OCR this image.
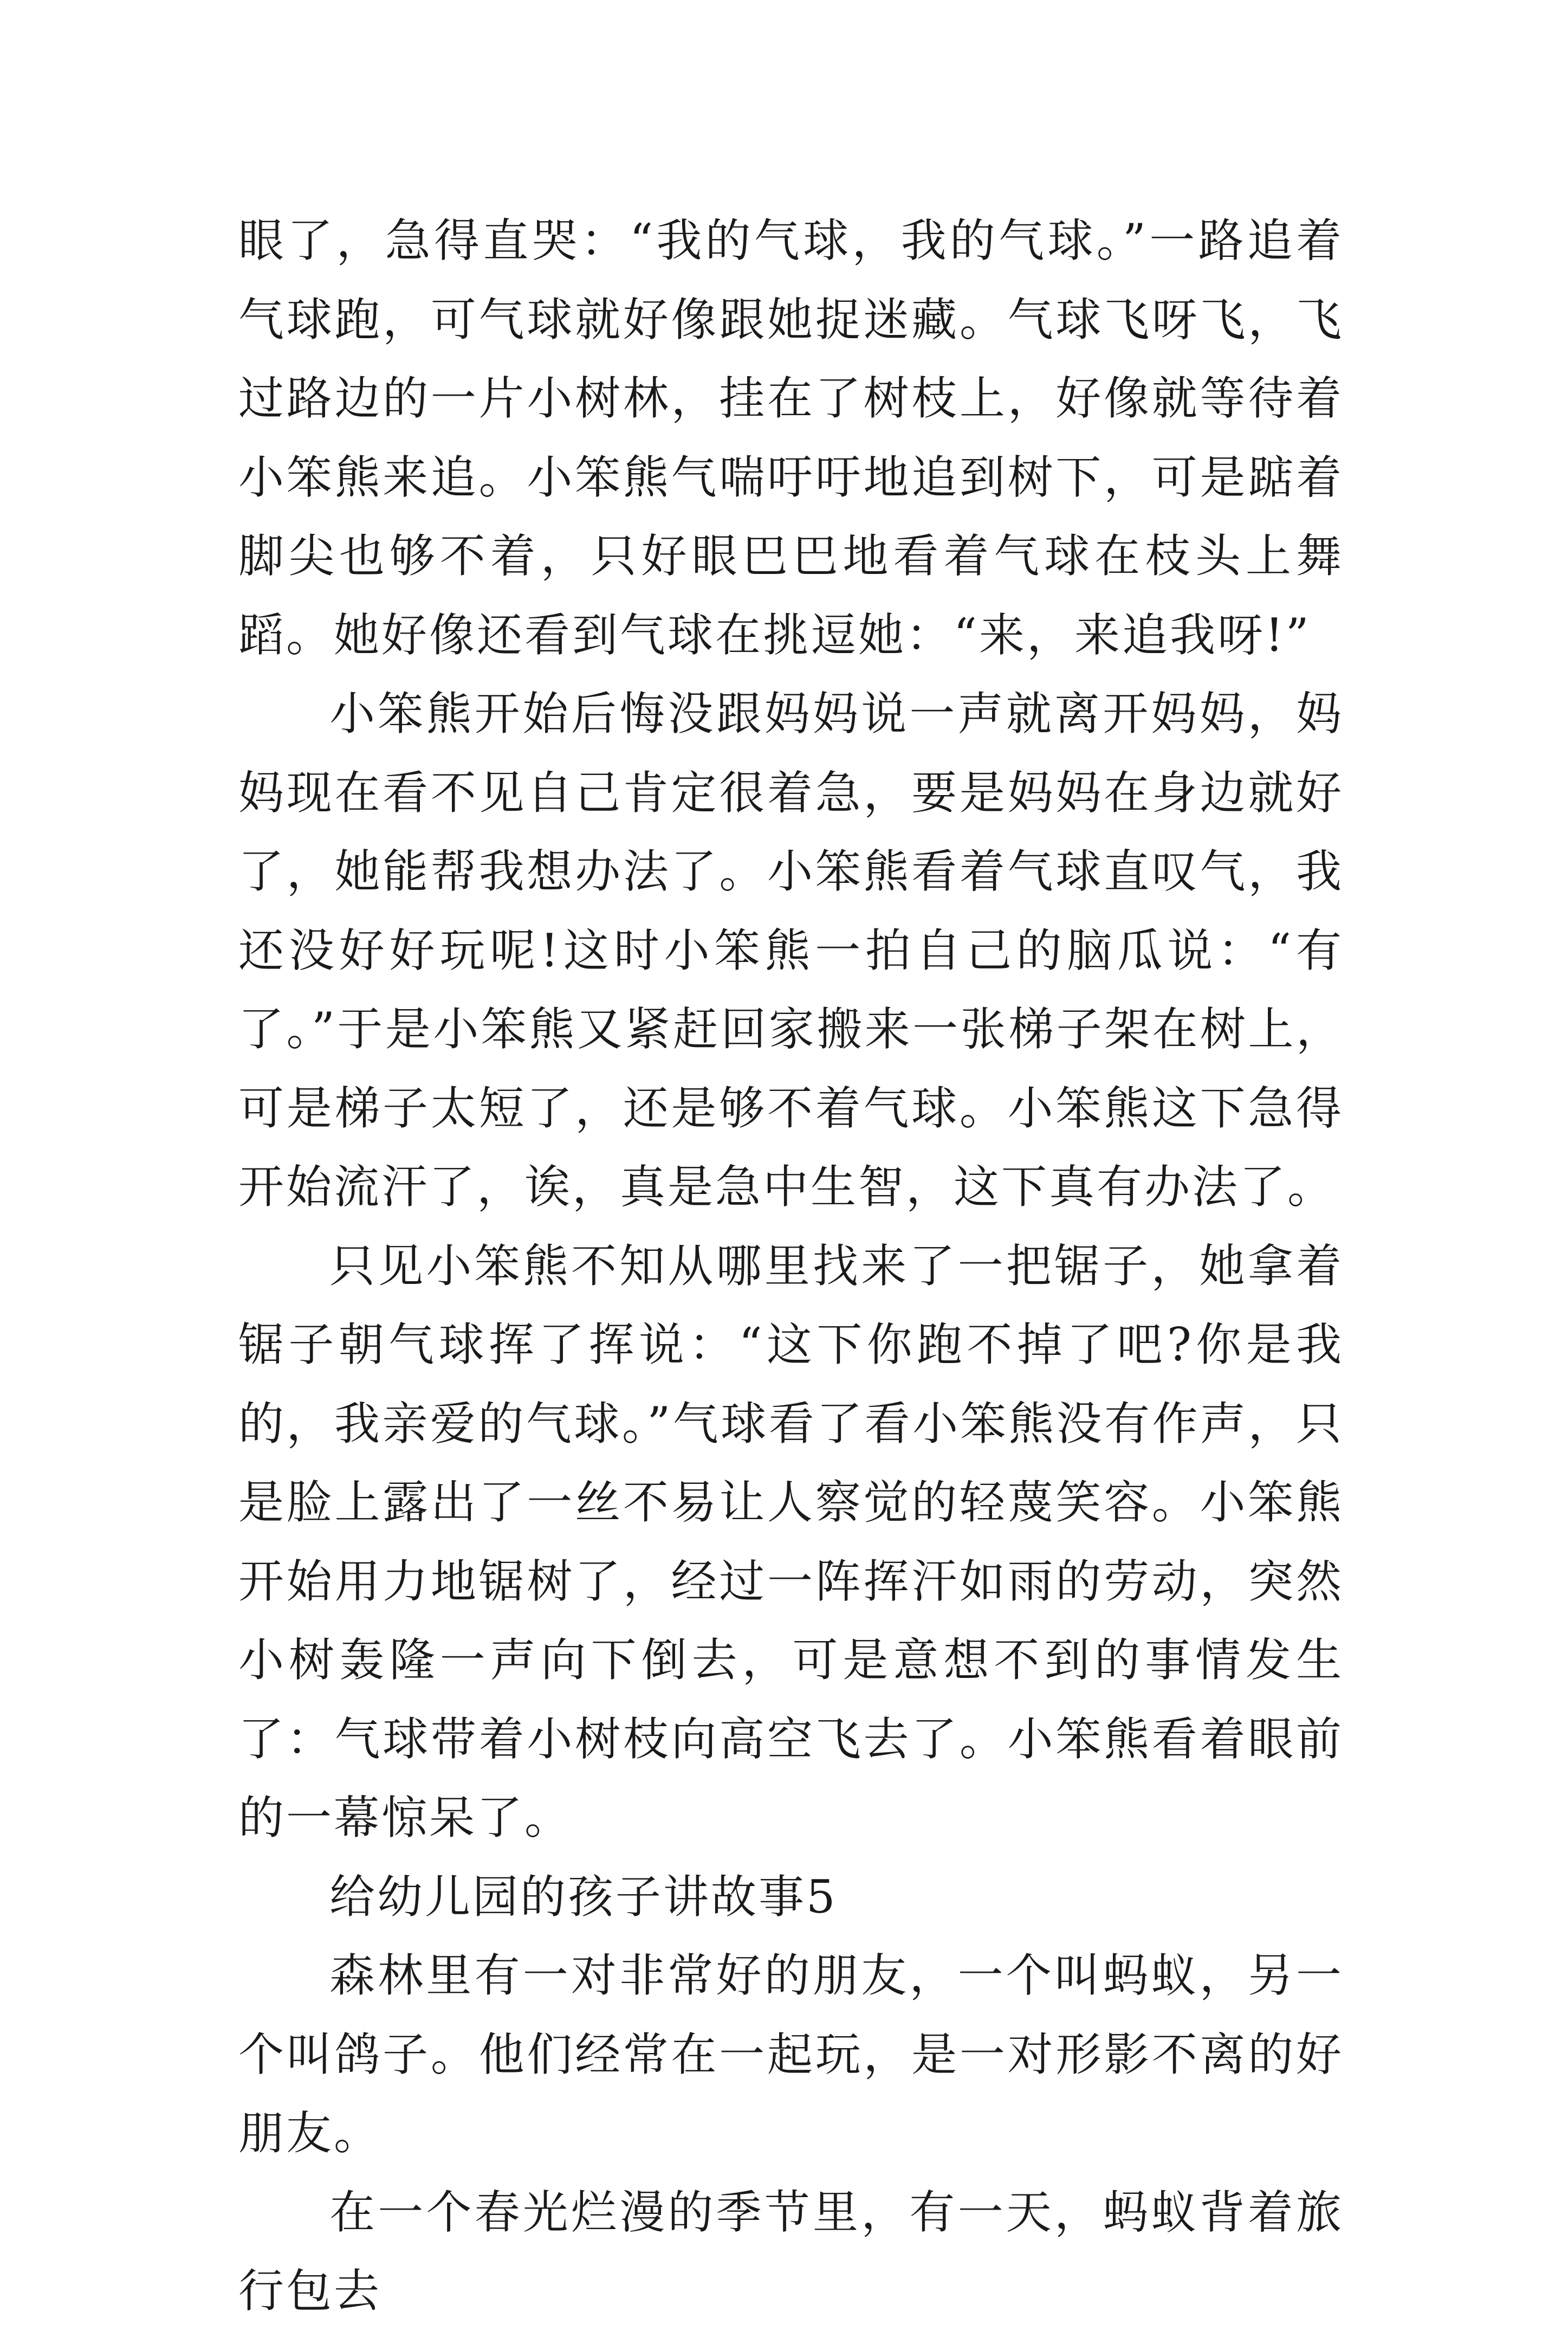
眼了，急得直哭：“我的气球，我的气球。”一路追着气球跑，可气球就好像跟她捉迷藏。气球飞呀飞，飞过路边的一片小树林，挂在了树枝上，好像就等待着小笨熊来追。小笨熊气喘吁吁地追到树下，可是踮着脚尖也够不着，只好眼巴巴地看着气球在枝头上舞蹈。她好像还看到气球在挑逗她：“来，来追我呀!”

小笨熊开始后悔没跟妈妈说一声就离开妈妈，妈妈现在看不见自己肯定很着急，要是妈妈在身边就好了，她能帮我想办法了。小笨熊看着气球直叹气，我还没好好玩呢!这时小笨熊一拍自己的脑瓜说：“有了。”于是小笨熊又紧赶回家搬来一张梯子架在树上，可是梯子太短了，还是够不着气球。小笨熊这下急得开始流汗了，诶，真是急中生智，这下真有办法了。

只见小笨熊不知从哪里找来了一把锯子，她拿着锯子朝气球挥了挥说：“这下你跑不掉了吧?你是我的，我亲爱的气球。”气球看了看小笨熊没有作声，只是脸上露出了一丝不易让人察觉的轻蔑笑容。小笨熊开始用力地锯树了，经过一阵挥汗如雨的劳动，突然小树轰隆一声向下倒去，可是意想不到的事情发生了：气球带着小树枝向高空飞去了。小笨熊看着眼前的一幕惊呆了。

给幼儿园的孩子讲故事5

森林里有一对非常好的朋友，一个叫蚂蚁，另一个叫鸽子。他们经常在一起玩，是一对形影不离的好朋友。

在一个春光烂漫的季节里，有一天，蚂蚁背着旅行包去
